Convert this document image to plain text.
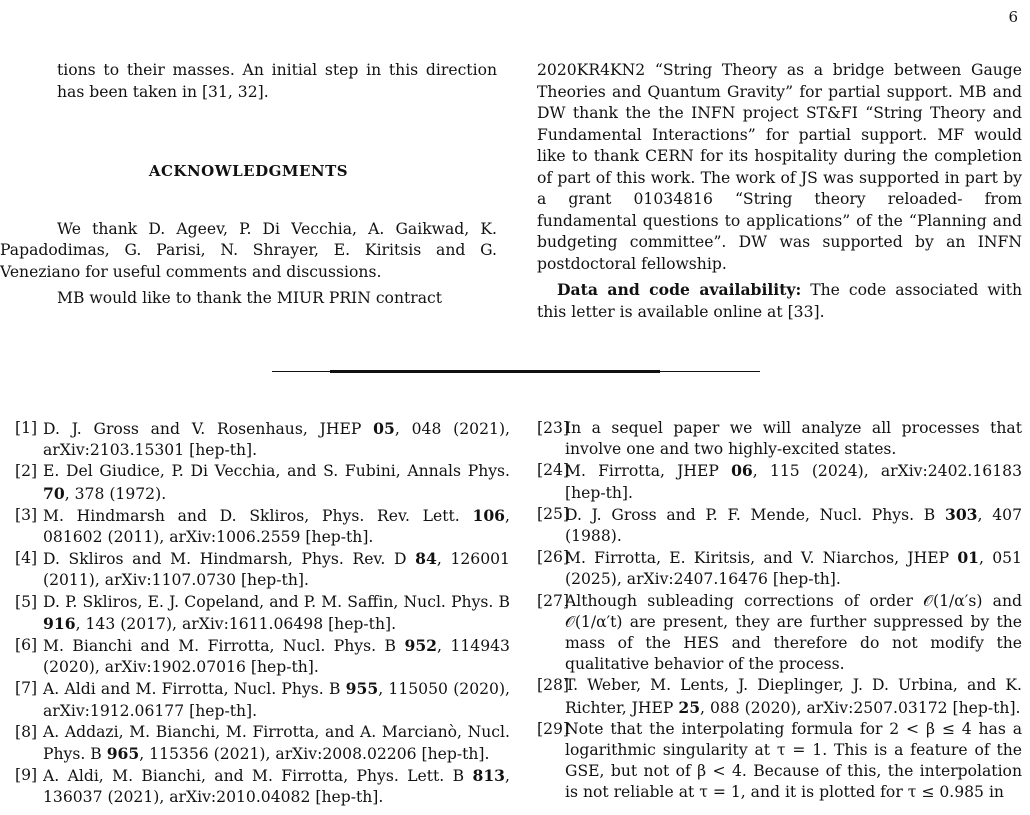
6

tions to their masses. An initial step in this direction has been taken in [31, 32].

ACKNOWLEDGMENTS

We thank D. Ageev, P. Di Vecchia, A. Gaikwad, K. Papadodimas, G. Parisi, N. Shrayer, E. Kiritsis and G. Veneziano for useful comments and discussions.

MB would like to thank the MIUR PRIN contract

2020KR4KN2 “String Theory as a bridge between Gauge Theories and Quantum Gravity” for partial support. MB and DW thank the the INFN project ST&FI “String Theory and Fundamental Interactions” for partial support. MF would like to thank CERN for its hospitality during the completion of part of this work. The work of JS was supported in part by a grant 01034816 “String theory reloaded- from fundamental questions to applications” of the “Planning and budgeting committee”. DW was supported by an INFN postdoctoral fellowship.

Data and code availability: The code associated with this letter is available online at [33].

[1] D. J. Gross and V. Rosenhaus, JHEP 05, 048 (2021), arXiv:2103.15301 [hep-th].

[2] E. Del Giudice, P. Di Vecchia, and S. Fubini, Annals Phys. 70, 378 (1972).

[3] M. Hindmarsh and D. Skliros, Phys. Rev. Lett. 106, 081602 (2011), arXiv:1006.2559 [hep-th].

[4] D. Skliros and M. Hindmarsh, Phys. Rev. D 84, 126001 (2011), arXiv:1107.0730 [hep-th].

[5] D. P. Skliros, E. J. Copeland, and P. M. Saffin, Nucl. Phys. B 916, 143 (2017), arXiv:1611.06498 [hep-th].

[6] M. Bianchi and M. Firrotta, Nucl. Phys. B 952, 114943 (2020), arXiv:1902.07016 [hep-th].

[7] A. Aldi and M. Firrotta, Nucl. Phys. B 955, 115050 (2020), arXiv:1912.06177 [hep-th].

[8] A. Addazi, M. Bianchi, M. Firrotta, and A. Marcianò, Nucl. Phys. B 965, 115356 (2021), arXiv:2008.02206 [hep-th].

[9] A. Aldi, M. Bianchi, and M. Firrotta, Phys. Lett. B 813, 136037 (2021), arXiv:2010.04082 [hep-th].

[23]
In a sequel paper we will analyze all processes that involve one and two highly-excited states.

[24]
M. Firrotta, JHEP 06, 115 (2024), arXiv:2402.16183 [hep-th].

[25]
D. J. Gross and P. F. Mende, Nucl. Phys. B 303, 407 (1988).

[26]
M. Firrotta, E. Kiritsis, and V. Niarchos, JHEP 01, 051 (2025), arXiv:2407.16476 [hep-th].

[27]
Although subleading corrections of order 𝒪(1/α′s) and 𝒪(1/α′t) are present, they are further suppressed by the mass of the HES and therefore do not modify the qualitative behavior of the process.

[28]
T. Weber, M. Lents, J. Dieplinger, J. D. Urbina, and K. Richter, JHEP 25, 088 (2020), arXiv:2507.03172 [hep-th].

[29]
Note that the interpolating formula for 2 < β ≤ 4 has a logarithmic singularity at τ = 1. This is a feature of the GSE, but not of β < 4. Because of this, the interpolation is not reliable at τ = 1, and it is plotted for τ ≤ 0.985 in
